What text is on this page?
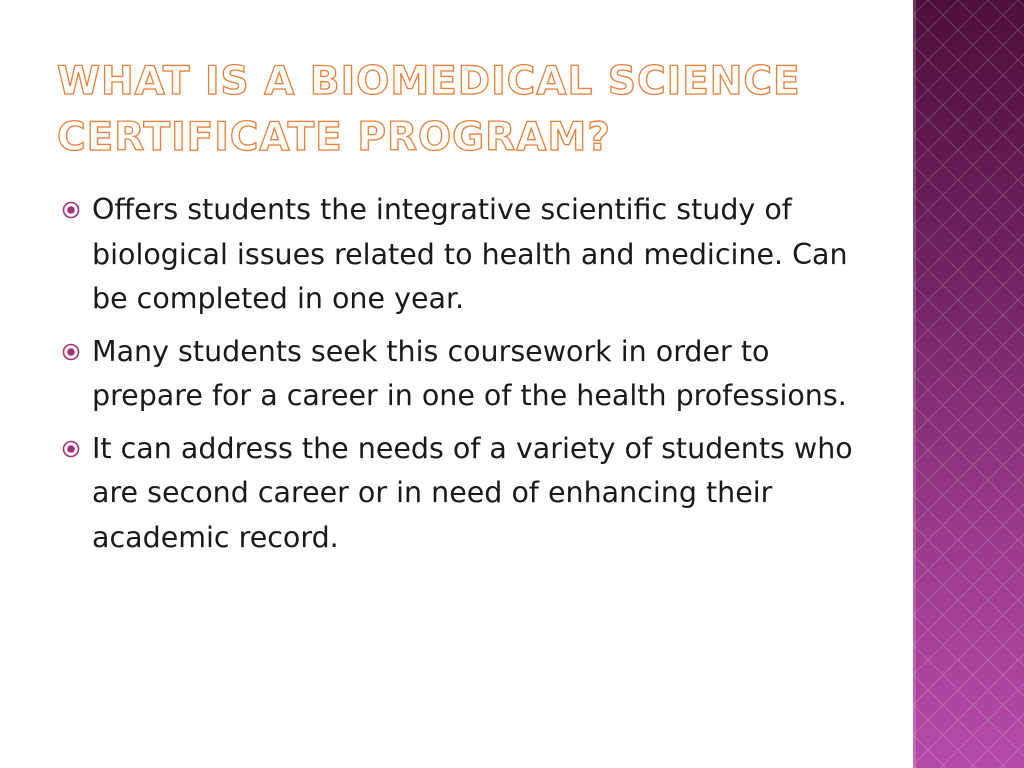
WHAT IS A BIOMEDICAL SCIENCE CERTIFICATE PROGRAM?
Offers students the integrative scientific study of biological issues related to health and medicine. Can be completed in one year.
Many students seek this coursework in order to prepare for a career in one of the health professions.
It can address the needs of a variety of students who are second career or in need of enhancing their academic record.
